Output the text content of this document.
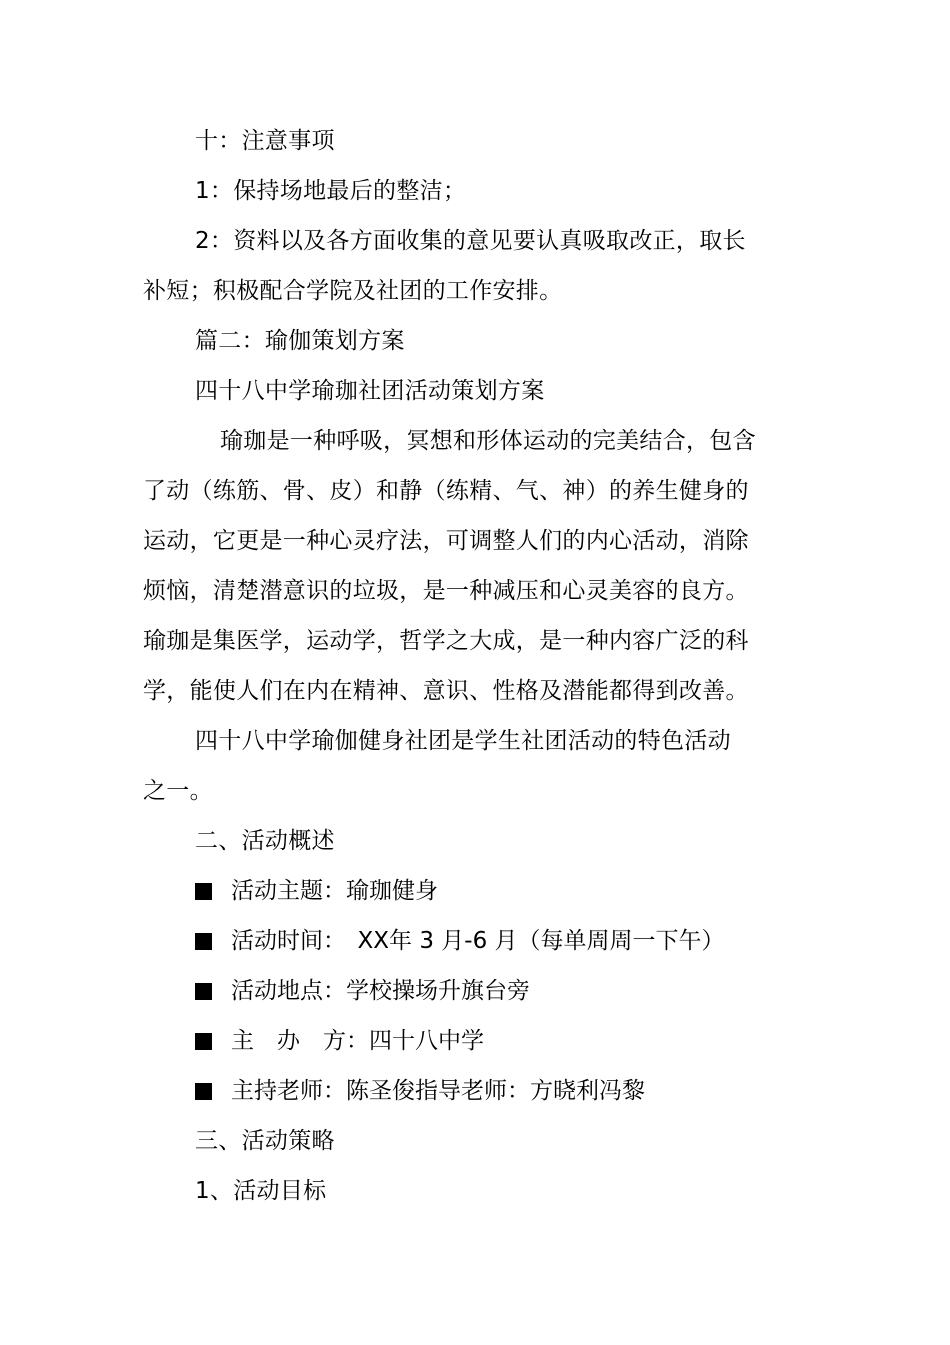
十：注意事项
1：保持场地最后的整洁；
2：资料以及各方面收集的意见要认真吸取改正，取长
补短；积极配合学院及社团的工作安排。
篇二：瑜伽策划方案
四十八中学瑜珈社团活动策划方案
瑜珈是一种呼吸，冥想和形体运动的完美结合，包含
了动（练筋、骨、皮）和静（练精、气、神）的养生健身的
运动，它更是一种心灵疗法，可调整人们的内心活动，消除
烦恼，清楚潜意识的垃圾，是一种减压和心灵美容的良方。
瑜珈是集医学，运动学，哲学之大成，是一种内容广泛的科
学，能使人们在内在精神、意识、性格及潜能都得到改善。
四十八中学瑜伽健身社团是学生社团活动的特色活动
之一。
二、活动概述
活动主题：瑜珈健身
活动时间：　XX年 3 月-6 月（每单周周一下午）
活动地点：学校操场升旗台旁
主　办　方：四十八中学
主持老师：陈圣俊指导老师：方晓利冯黎
三、活动策略
1、活动目标
